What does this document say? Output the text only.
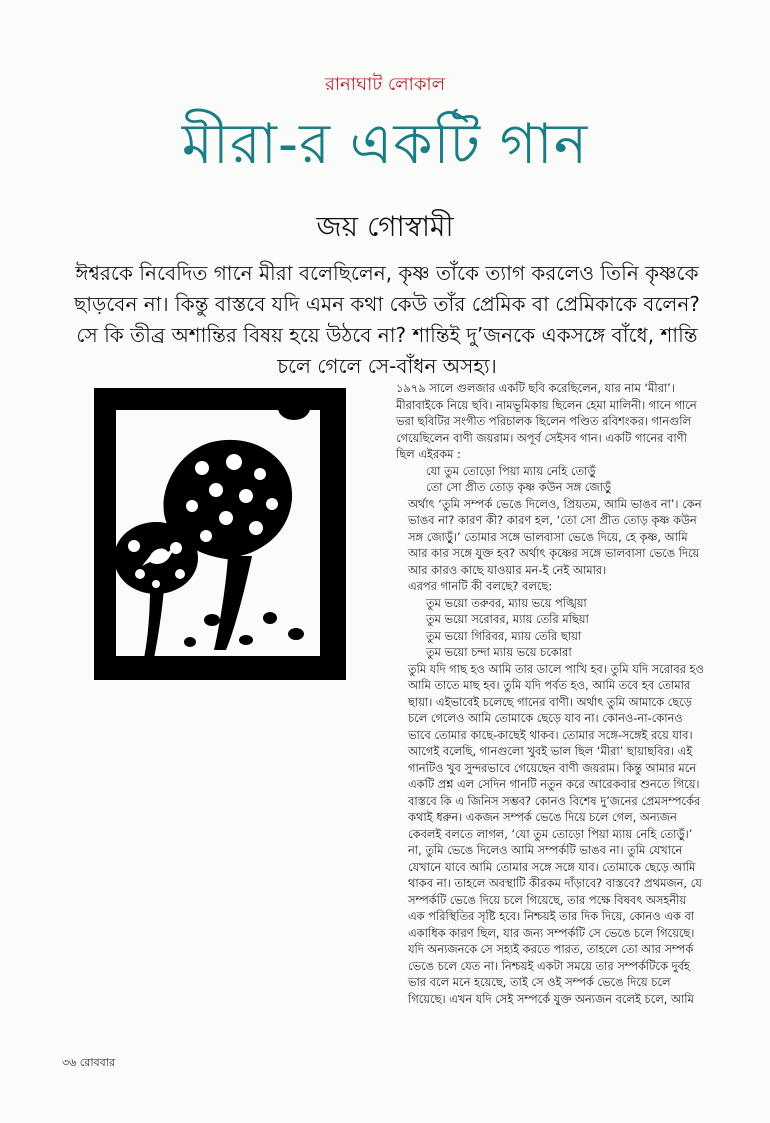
রানাঘাট লোকাল
মীরা-র একটি গান
জয় গোস্বামী
ঈশ্বরকে নিবেদিত গানে মীরা বলেছিলেন, কৃষ্ণ তাঁকে ত্যাগ করলেও তিনি কৃষ্ণকে ছাড়বেন না। কিন্তু বাস্তবে যদি এমন কথা কেউ তাঁর প্রেমিক বা প্রেমিকাকে বলেন? সে কি তীব্র অশান্তির বিষয় হয়ে উঠবে না? শান্তিই দু’জনকে একসঙ্গে বাঁধে, শান্তি চলে গেলে সে-বাঁধন অসহ্য।
১৯৭৯ সালে গুলজার একটি ছবি করেছিলেন, যার নাম ‘মীরা’। মীরাবাইকে নিয়ে ছবি। নামভূমিকায় ছিলেন হেমা মালিনী। গানে গানে ভরা ছবিটির সংগীত পরিচালক ছিলেন পণ্ডিত রবিশংকর। গানগুলি গেয়েছিলেন বাণী জয়রাম। অপূর্ব সেইসব গান। একটি গানের বাণী ছিল এইরকম :
যো তুম তোড়ো পিয়া ম্যায় নেহি তোড়ুঁ
তো সো প্রীত তোড় কৃষ্ণ কউন সঙ্গ জোড়ুঁ
অর্থাৎ ‘তুমি সম্পর্ক ভেঙে দিলেও, প্রিয়তম, আমি ভাঙব না’। কেন ভাঙব না? কারণ কী? কারণ হল, ‘তো সো প্রীত তোড় কৃষ্ণ কউন সঙ্গ জোড়ুঁ।’ তোমার সঙ্গে ভালবাসা ভেঙে দিয়ে, হে কৃষ্ণ, আমি আর কার সঙ্গে যুক্ত হব? অর্থাৎ কৃষ্ণের সঙ্গে ভালবাসা ভেঙে দিয়ে আর কারও কাছে যাওয়ার মন-ই নেই আমার।
এরপর গানটি কী বলছে? বলছে:
তুম ভয়ো তরুবর, ম্যায় ভয়ে পঙ্খিয়া
তুম ভয়ো সরোবর, ম্যায় তেরি মছিয়া
তুম ভয়ো গিরিবর, ম্যায় তেরি ছায়া
তুম ভয়ো চন্দা ম্যায় ভয়ে চকোরা
তুমি যদি গাছ হও আমি তার ডালে পাখি হব। তুমি যদি সরোবর হও আমি তাতে মাছ হব। তুমি যদি পর্বত হও, আমি তবে হব তোমার ছায়া। এইভাবেই চলেছে গানের বাণী। অর্থাৎ তুমি আমাকে ছেড়ে চলে গেলেও আমি তোমাকে ছেড়ে যাব না। কোনও-না-কোনও ভাবে তোমার কাছে-কাছেই থাকব। তোমার সঙ্গে-সঙ্গেই রয়ে যাব।
আগেই বলেছি, গানগুলো খুবই ভাল ছিল ‘মীরা’ ছায়াছবির। এই গানটিও খুব সুন্দরভাবে গেয়েছেন বাণী জয়রাম। কিন্তু আমার মনে একটি প্রশ্ন এল সেদিন গানটি নতুন করে আরেকবার শুনতে গিয়ে। বাস্তবে কি এ জিনিস সম্ভব? কোনও বিশেষ দু’জনের প্রেমসম্পর্কের কথাই ধরুন। একজন সম্পর্ক ভেঙে দিয়ে চলে গেল, অন্যজন কেবলই বলতে লাগল, ‘যো তুম তোড়ো পিয়া ম্যায় নেহি তোড়ুঁ।’ না, তুমি ভেঙে দিলেও আমি সম্পর্কটি ভাঙব না। তুমি যেখানে যেখানে যাবে আমি তোমার সঙ্গে সঙ্গে যাব। তোমাকে ছেড়ে আমি থাকব না। তাহলে অবস্থাটি কীরকম দাঁড়াবে? বাস্তবে? প্রথমজন, যে সম্পর্কটি ভেঙে দিয়ে চলে গিয়েছে, তার পক্ষে বিষবৎ অসহনীয় এক পরিস্থিতির সৃষ্টি হবে। নিশ্চয়ই তার দিক দিয়ে, কোনও এক বা একাধিক কারণ ছিল, যার জন্য সম্পর্কটি সে ভেঙে চলে গিয়েছে। যদি অন্যজনকে সে সহ্যই করতে পারত, তাহলে তো আর সম্পর্ক ভেঙে চলে যেত না। নিশ্চয়ই একটা সময়ে তার সম্পর্কটিকে দুর্বহ ভার বলে মনে হয়েছে, তাই সে ওই সম্পর্ক ভেঙে দিয়ে চলে গিয়েছে। এখন যদি সেই সম্পর্কে যুক্ত অন্যজন বলেই চলে, আমি
৩৬ রোববার
